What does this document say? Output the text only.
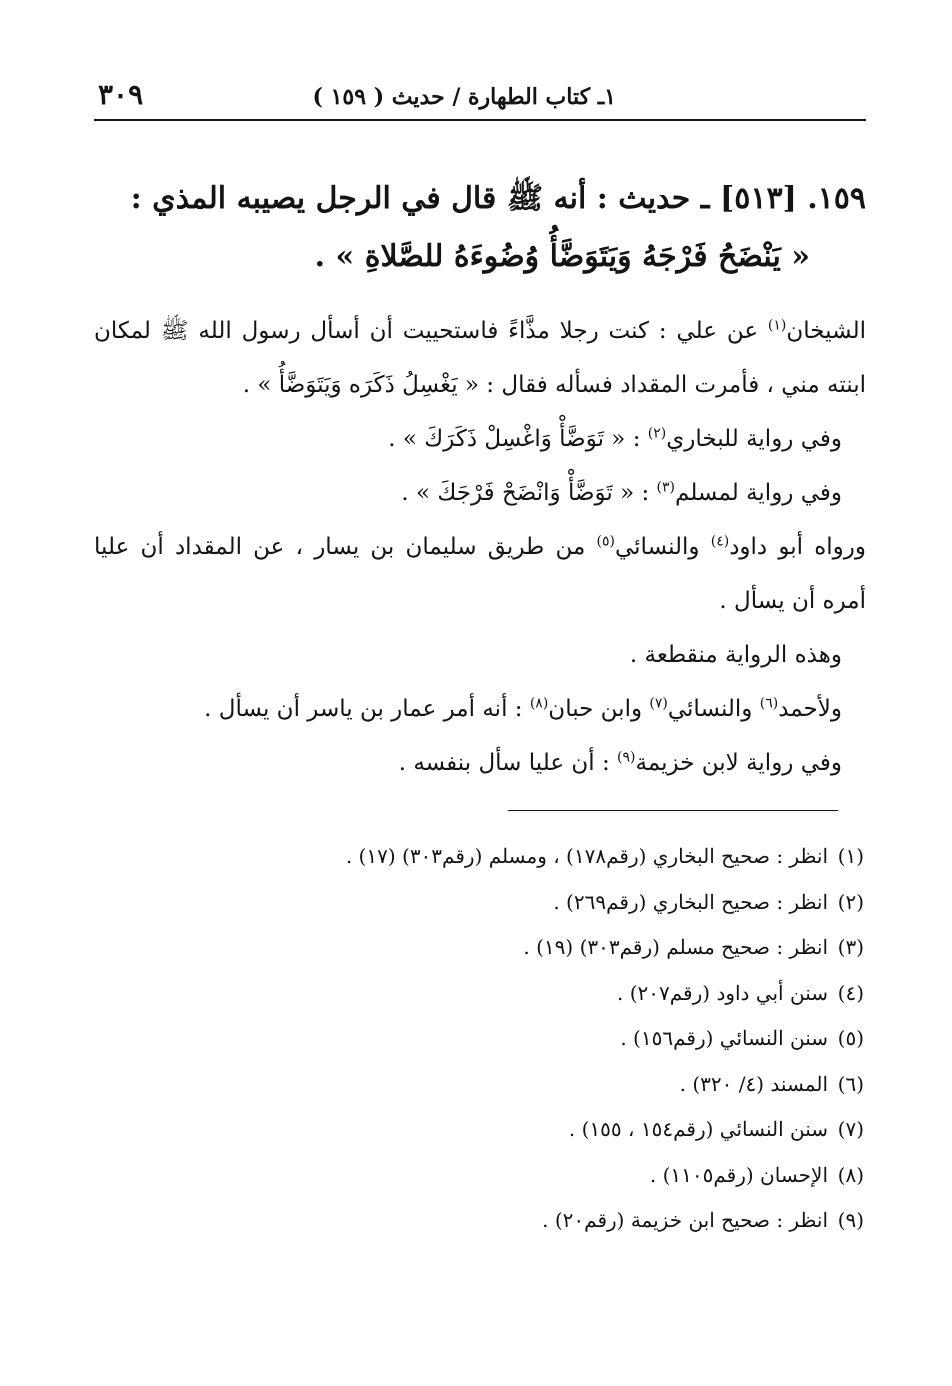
١ـ كتاب الطهارة / حديث ( ١٥٩ )
٣٠٩
١٥٩. [٥١٣] ـ حديث : أنه ﷺ قال في الرجل يصيبه المذي :
« يَنْضَحُ فَرْجَهُ وَيَتَوَضَّأُ وُضُوءَهُ للصَّلاةِ » .

الشيخان$^{(١)}$ عن علي : كنت رجلا مذَّاءً فاستحييت أن أسأل رسول الله ﷺ لمكان ابنته مني ، فأمرت المقداد فسأله فقال : « يَغْسِلُ ذَكَرَه وَيَتَوَضَّأُ » .

وفي رواية للبخاري$^{(٢)}$ : « تَوَضَّأْ وَاغْسِلْ ذَكَرَكَ » .

وفي رواية لمسلم$^{(٣)}$ : « تَوَضَّأْ وَانْضَحْ فَرْجَكَ » .

ورواه أبو داود$^{(٤)}$ والنسائي$^{(٥)}$ من طريق سليمان بن يسار ، عن المقداد أن عليا أمره أن يسأل .

وهذه الرواية منقطعة .

ولأحمد$^{(٦)}$ والنسائي$^{(٧)}$ وابن حبان$^{(٨)}$ : أنه أمر عمار بن ياسر أن يسأل .

وفي رواية لابن خزيمة$^{(٩)}$ : أن عليا سأل بنفسه .

(١)انظر : صحيح البخاري (رقم١٧٨) ، ومسلم (رقم٣٠٣) (١٧) .

(٢)انظر : صحيح البخاري (رقم٢٦٩) .

(٣)انظر : صحيح مسلم (رقم٣٠٣) (١٩) .

(٤)سنن أبي داود (رقم٢٠٧) .

(٥)سنن النسائي (رقم١٥٦) .

(٦)المسند (٤/ ٣٢٠) .

(٧)سنن النسائي (رقم١٥٤ ، ١٥٥) .

(٨)الإحسان (رقم١١٠٥) .

(٩)انظر : صحيح ابن خزيمة (رقم٢٠) .
